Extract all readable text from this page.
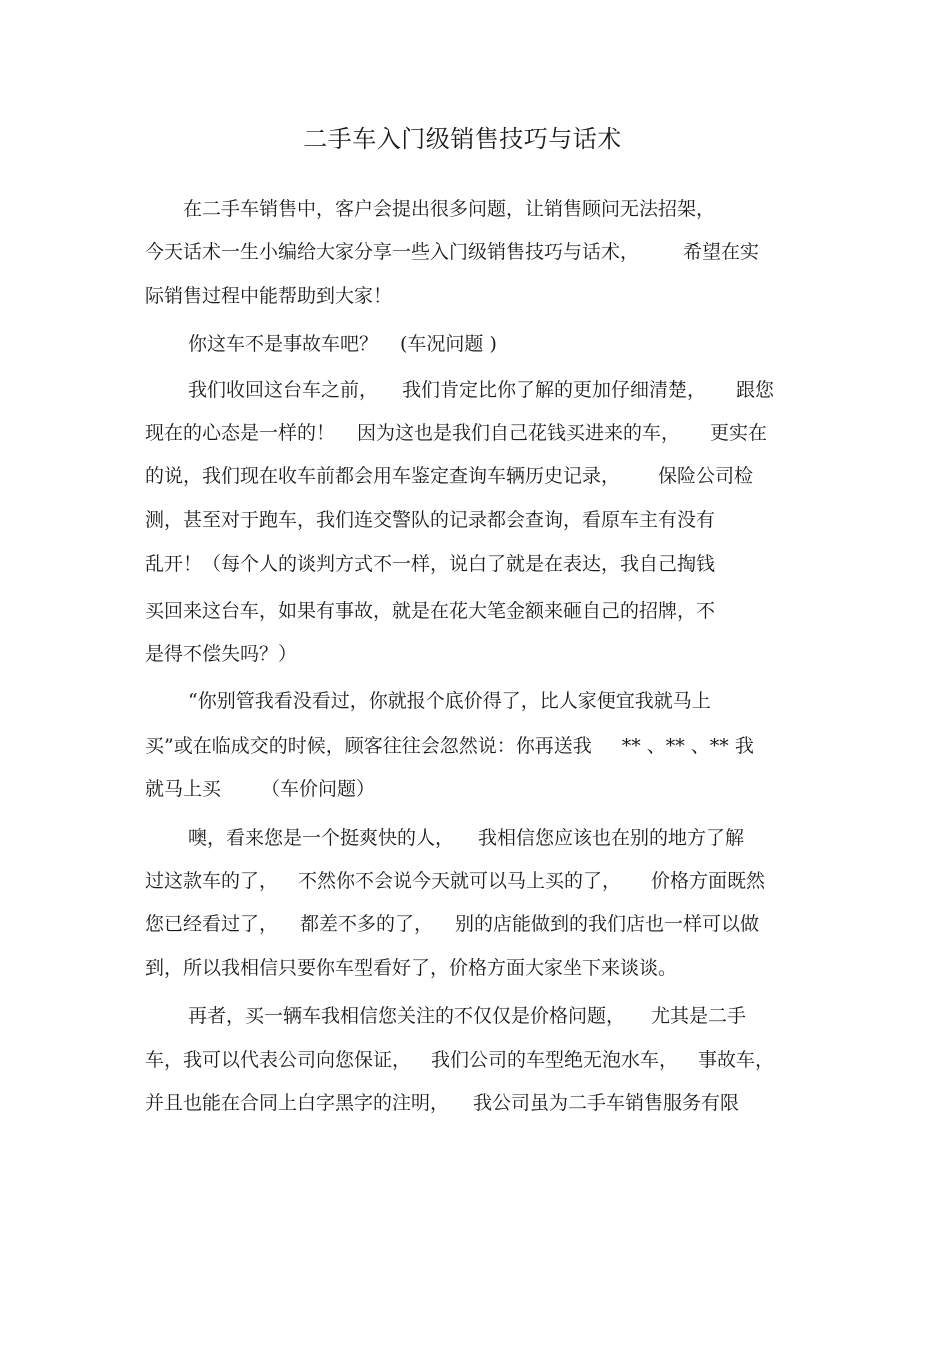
二手车入门级销售技巧与话术
在二手车销售中，客户会提出很多问题，让销售顾问无法招架，
今天话术一生小编给大家分享一些入门级销售技巧与话术， 希望在实
际销售过程中能帮助到大家！
你这车不是事故车吧？ (车况问题 )
我们收回这台车之前， 我们肯定比你了解的更加仔细清楚， 跟您
现在的心态是一样的！ 因为这也是我们自己花钱买进来的车， 更实在
的说，我们现在收车前都会用车鉴定查询车辆历史记录， 保险公司检
测，甚至对于跑车，我们连交警队的记录都会查询，看原车主有没有
乱开！（每个人的谈判方式不一样，说白了就是在表达，我自己掏钱
买回来这台车，如果有事故，就是在花大笔金额来砸自己的招牌，不
是得不偿失吗？）
“你别管我看没看过，你就报个底价得了，比人家便宜我就马上
买”或在临成交的时候，顾客往往会忽然说：你再送我 ** 、** 、** 我
就马上买 （车价问题）
噢，看来您是一个挺爽快的人， 我相信您应该也在别的地方了解
过这款车的了， 不然你不会说今天就可以马上买的了， 价格方面既然
您已经看过了， 都差不多的了， 别的店能做到的我们店也一样可以做
到，所以我相信只要你车型看好了，价格方面大家坐下来谈谈。
再者，买一辆车我相信您关注的不仅仅是价格问题， 尤其是二手
车，我可以代表公司向您保证， 我们公司的车型绝无泡水车， 事故车，
并且也能在合同上白字黑字的注明， 我公司虽为二手车销售服务有限
